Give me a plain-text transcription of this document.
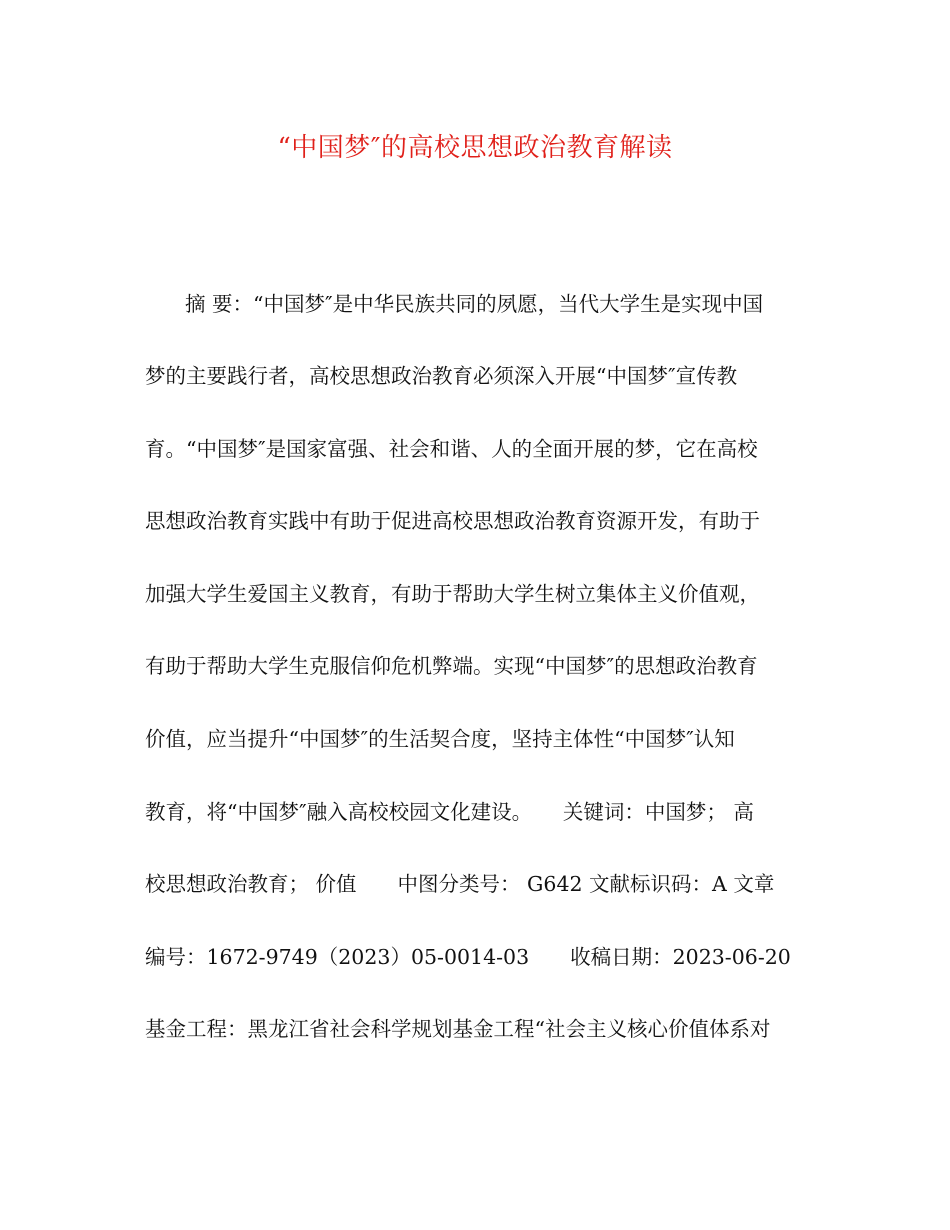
“中国梦″的高校思想政治教育解读
摘 要：“中国梦″是中华民族共同的夙愿，当代大学生是实现中国
梦的主要践行者，高校思想政治教育必须深入开展“中国梦″宣传教
育。“中国梦″是国家富强、社会和谐、人的全面开展的梦，它在高校
思想政治教育实践中有助于促进高校思想政治教育资源开发，有助于
加强大学生爱国主义教育，有助于帮助大学生树立集体主义价值观，
有助于帮助大学生克服信仰危机弊端。实现“中国梦″的思想政治教育
价值，应当提升“中国梦″的生活契合度，坚持主体性“中国梦″认知
教育，将“中国梦″融入高校校园文化建设。　　关键词：中国梦； 高
校思想政治教育； 价值　　中图分类号： G642 文献标识码：A 文章
编号：1672-9749（2023）05-0014-03　　收稿日期：2023-06-20
基金工程：黑龙江省社会科学规划基金工程“社会主义核心价值体系对
